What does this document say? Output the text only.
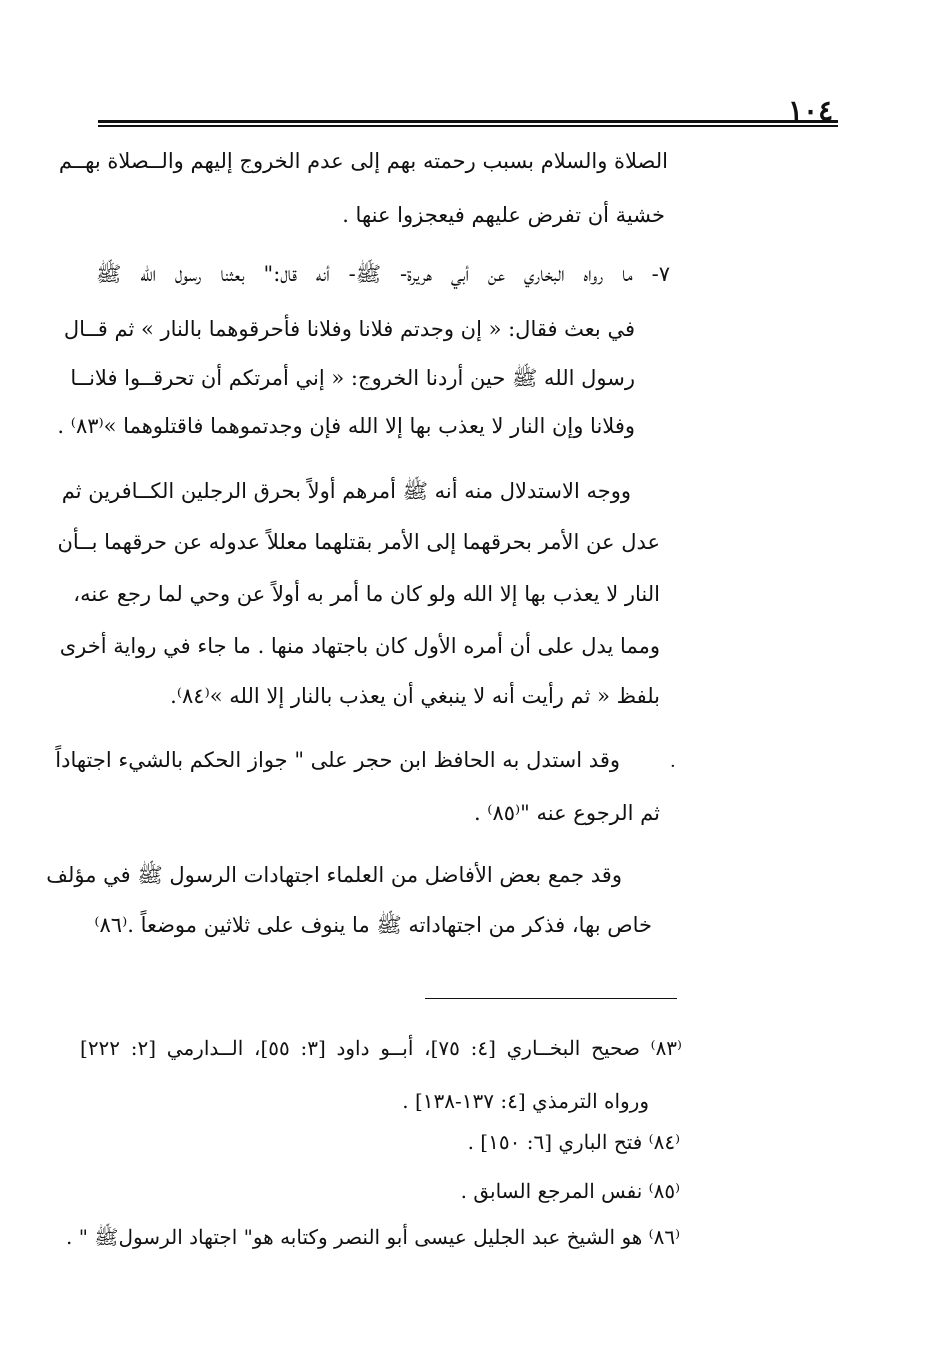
١٠٤
الصلاة والسلام بسبب رحمته بهم إلى عدم الخروج إليهم والــصلاة بهــم
خشية أن تفرض عليهم فيعجزوا عنها .
٧- ما رواه البخاري عن أبي هريرة- ﷺ- أنه قال:" بعثنا رسول الله ﷺ
في بعث فقال: « إن وجدتم فلانا وفلانا فأحرقوهما بالنار » ثم قــال
رسول الله ﷺ حين أردنا الخروج: « إني أمرتكم أن تحرقــوا فلانــا
وفلانا وإن النار لا يعذب بها إلا الله فإن وجدتموهما فاقتلوهما »⁽٨٣⁾ .
ووجه الاستدلال منه أنه ﷺ أمرهم أولاً بحرق الرجلين الكــافرين ثم
عدل عن الأمر بحرقهما إلى الأمر بقتلهما معللاً عدوله عن حرقهما بــأن
النار لا يعذب بها إلا الله ولو كان ما أمر به أولاً عن وحي لما رجع عنه،
ومما يدل على أن أمره الأول كان باجتهاد منها . ما جاء في رواية أخرى
بلفظ « ثم رأيت أنه لا ينبغي أن يعذب بالنار إلا الله »⁽٨٤⁾.
·
وقد استدل به الحافظ ابن حجر على " جواز الحكم بالشيء اجتهاداً
ثم الرجوع عنه "⁽٨٥⁾ .
وقد جمع بعض الأفاضل من العلماء اجتهادات الرسول ﷺ في مؤلف
خاص بها، فذكر من اجتهاداته ﷺ ما ينوف على ثلاثين موضعاً .⁽٨٦⁾
⁽٨٣⁾ صحيح البخــاري [٤: ٧٥]، أبــو داود [٣: ٥٥]، الــدارمي [٢: ٢٢٢]
ورواه الترمذي [٤: ١٣٧-١٣٨] .
⁽٨٤⁾ فتح الباري [٦: ١٥٠] .
⁽٨٥⁾ نفس المرجع السابق .
⁽٨٦⁾ هو الشيخ عبد الجليل عيسى أبو النصر وكتابه هو" اجتهاد الرسولﷺ " .
